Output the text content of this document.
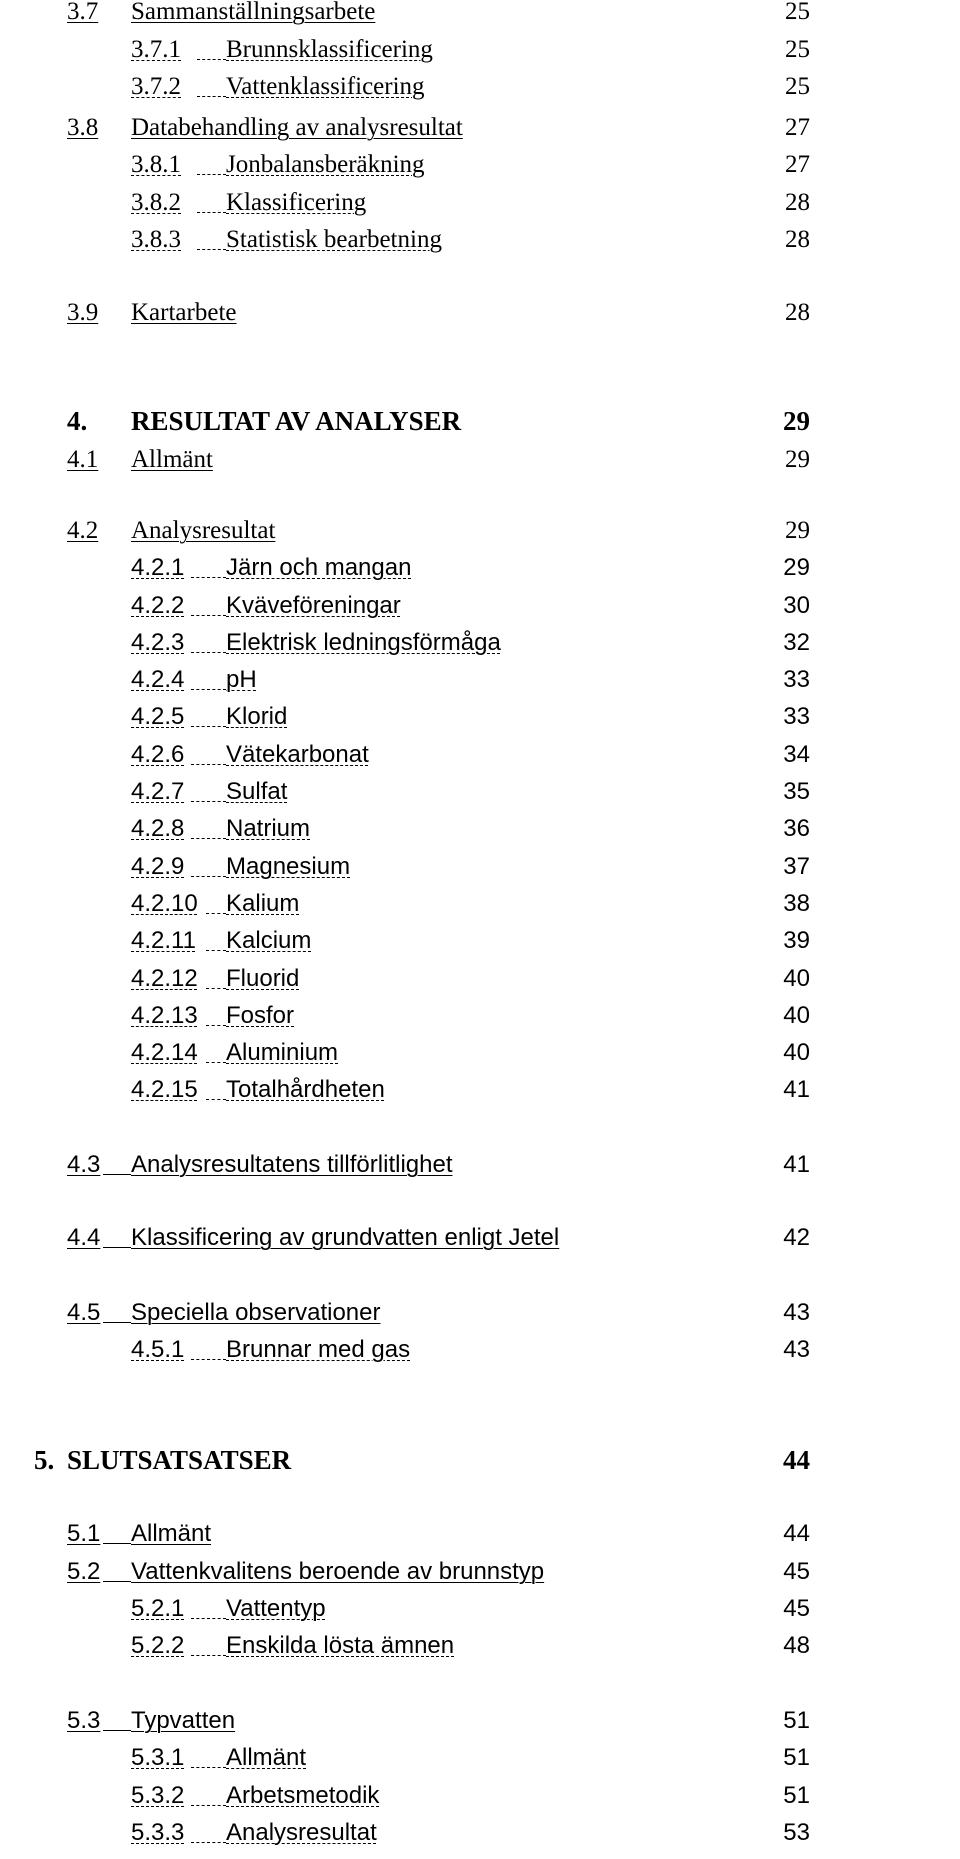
3.7 Sammanställningsarbete	25
3.7.1 Brunnsklassificering	25
3.7.2 Vattenklassificering	25
3.8 Databehandling av analysresultat	27
3.8.1 Jonbalansberäkning	27
3.8.2 Klassificering	28
3.8.3 Statistisk bearbetning	28
3.9 Kartarbete	28
4. RESULTAT AV ANALYSER	29
4.1 Allmänt	29
4.2 Analysresultat	29
4.2.1 Järn och mangan	29
4.2.2 Kväveföreningar	30
4.2.3 Elektrisk ledningsförmåga	32
4.2.4 pH	33
4.2.5 Klorid	33
4.2.6 Vätekarbonat	34
4.2.7 Sulfat	35
4.2.8 Natrium	36
4.2.9 Magnesium	37
4.2.10 Kalium	38
4.2.11 Kalcium	39
4.2.12 Fluorid	40
4.2.13 Fosfor	40
4.2.14 Aluminium	40
4.2.15 Totalhårdheten	41
4.3 Analysresultatens tillförlitlighet	41
4.4 Klassificering av grundvatten enligt Jetel	42
4.5 Speciella observationer	43
4.5.1 Brunnar med gas	43
5. SLUTSATSATSER	44
5.1 Allmänt	44
5.2 Vattenkvalitens beroende av brunnstyp	45
5.2.1 Vattentyp	45
5.2.2 Enskilda lösta ämnen	48
5.3 Typvatten	51
5.3.1 Allmänt	51
5.3.2 Arbetsmetodik	51
5.3.3 Analysresultat	53
